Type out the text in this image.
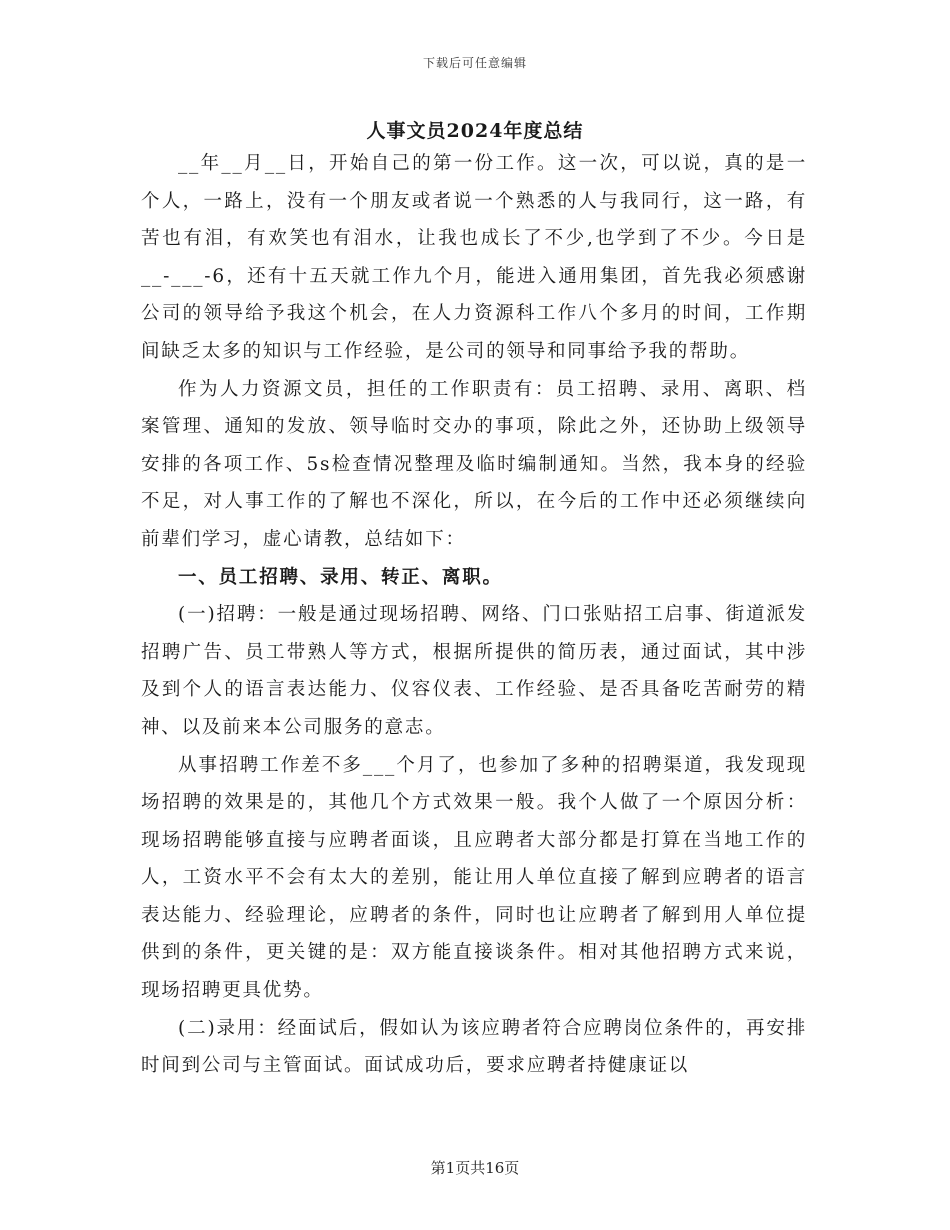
下载后可任意编辑
人事文员2024年度总结

__年__月__日，开始自己的第一份工作。这一次，可以说，真的是一个人，一路上，没有一个朋友或者说一个熟悉的人与我同行，这一路，有苦也有泪，有欢笑也有泪水，让我也成长了不少,也学到了不少。今日是__-___-6，还有十五天就工作九个月，能进入通用集团，首先我必须感谢公司的领导给予我这个机会，在人力资源科工作八个多月的时间，工作期间缺乏太多的知识与工作经验，是公司的领导和同事给予我的帮助。

作为人力资源文员，担任的工作职责有：员工招聘、录用、离职、档案管理、通知的发放、领导临时交办的事项，除此之外，还协助上级领导安排的各项工作、5s检查情况整理及临时编制通知。当然，我本身的经验不足，对人事工作的了解也不深化，所以，在今后的工作中还必须继续向前辈们学习，虚心请教，总结如下：

一、员工招聘、录用、转正、离职。

(一)招聘：一般是通过现场招聘、网络、门口张贴招工启事、街道派发招聘广告、员工带熟人等方式，根据所提供的简历表，通过面试，其中涉及到个人的语言表达能力、仪容仪表、工作经验、是否具备吃苦耐劳的精神、以及前来本公司服务的意志。

从事招聘工作差不多___个月了，也参加了多种的招聘渠道，我发现现场招聘的效果是的，其他几个方式效果一般。我个人做了一个原因分析：现场招聘能够直接与应聘者面谈，且应聘者大部分都是打算在当地工作的人，工资水平不会有太大的差别，能让用人单位直接了解到应聘者的语言表达能力、经验理论，应聘者的条件，同时也让应聘者了解到用人单位提供到的条件，更关键的是：双方能直接谈条件。相对其他招聘方式来说，现场招聘更具优势。

(二)录用：经面试后，假如认为该应聘者符合应聘岗位条件的，再安排时间到公司与主管面试。面试成功后，要求应聘者持健康证以

第1页共16页
